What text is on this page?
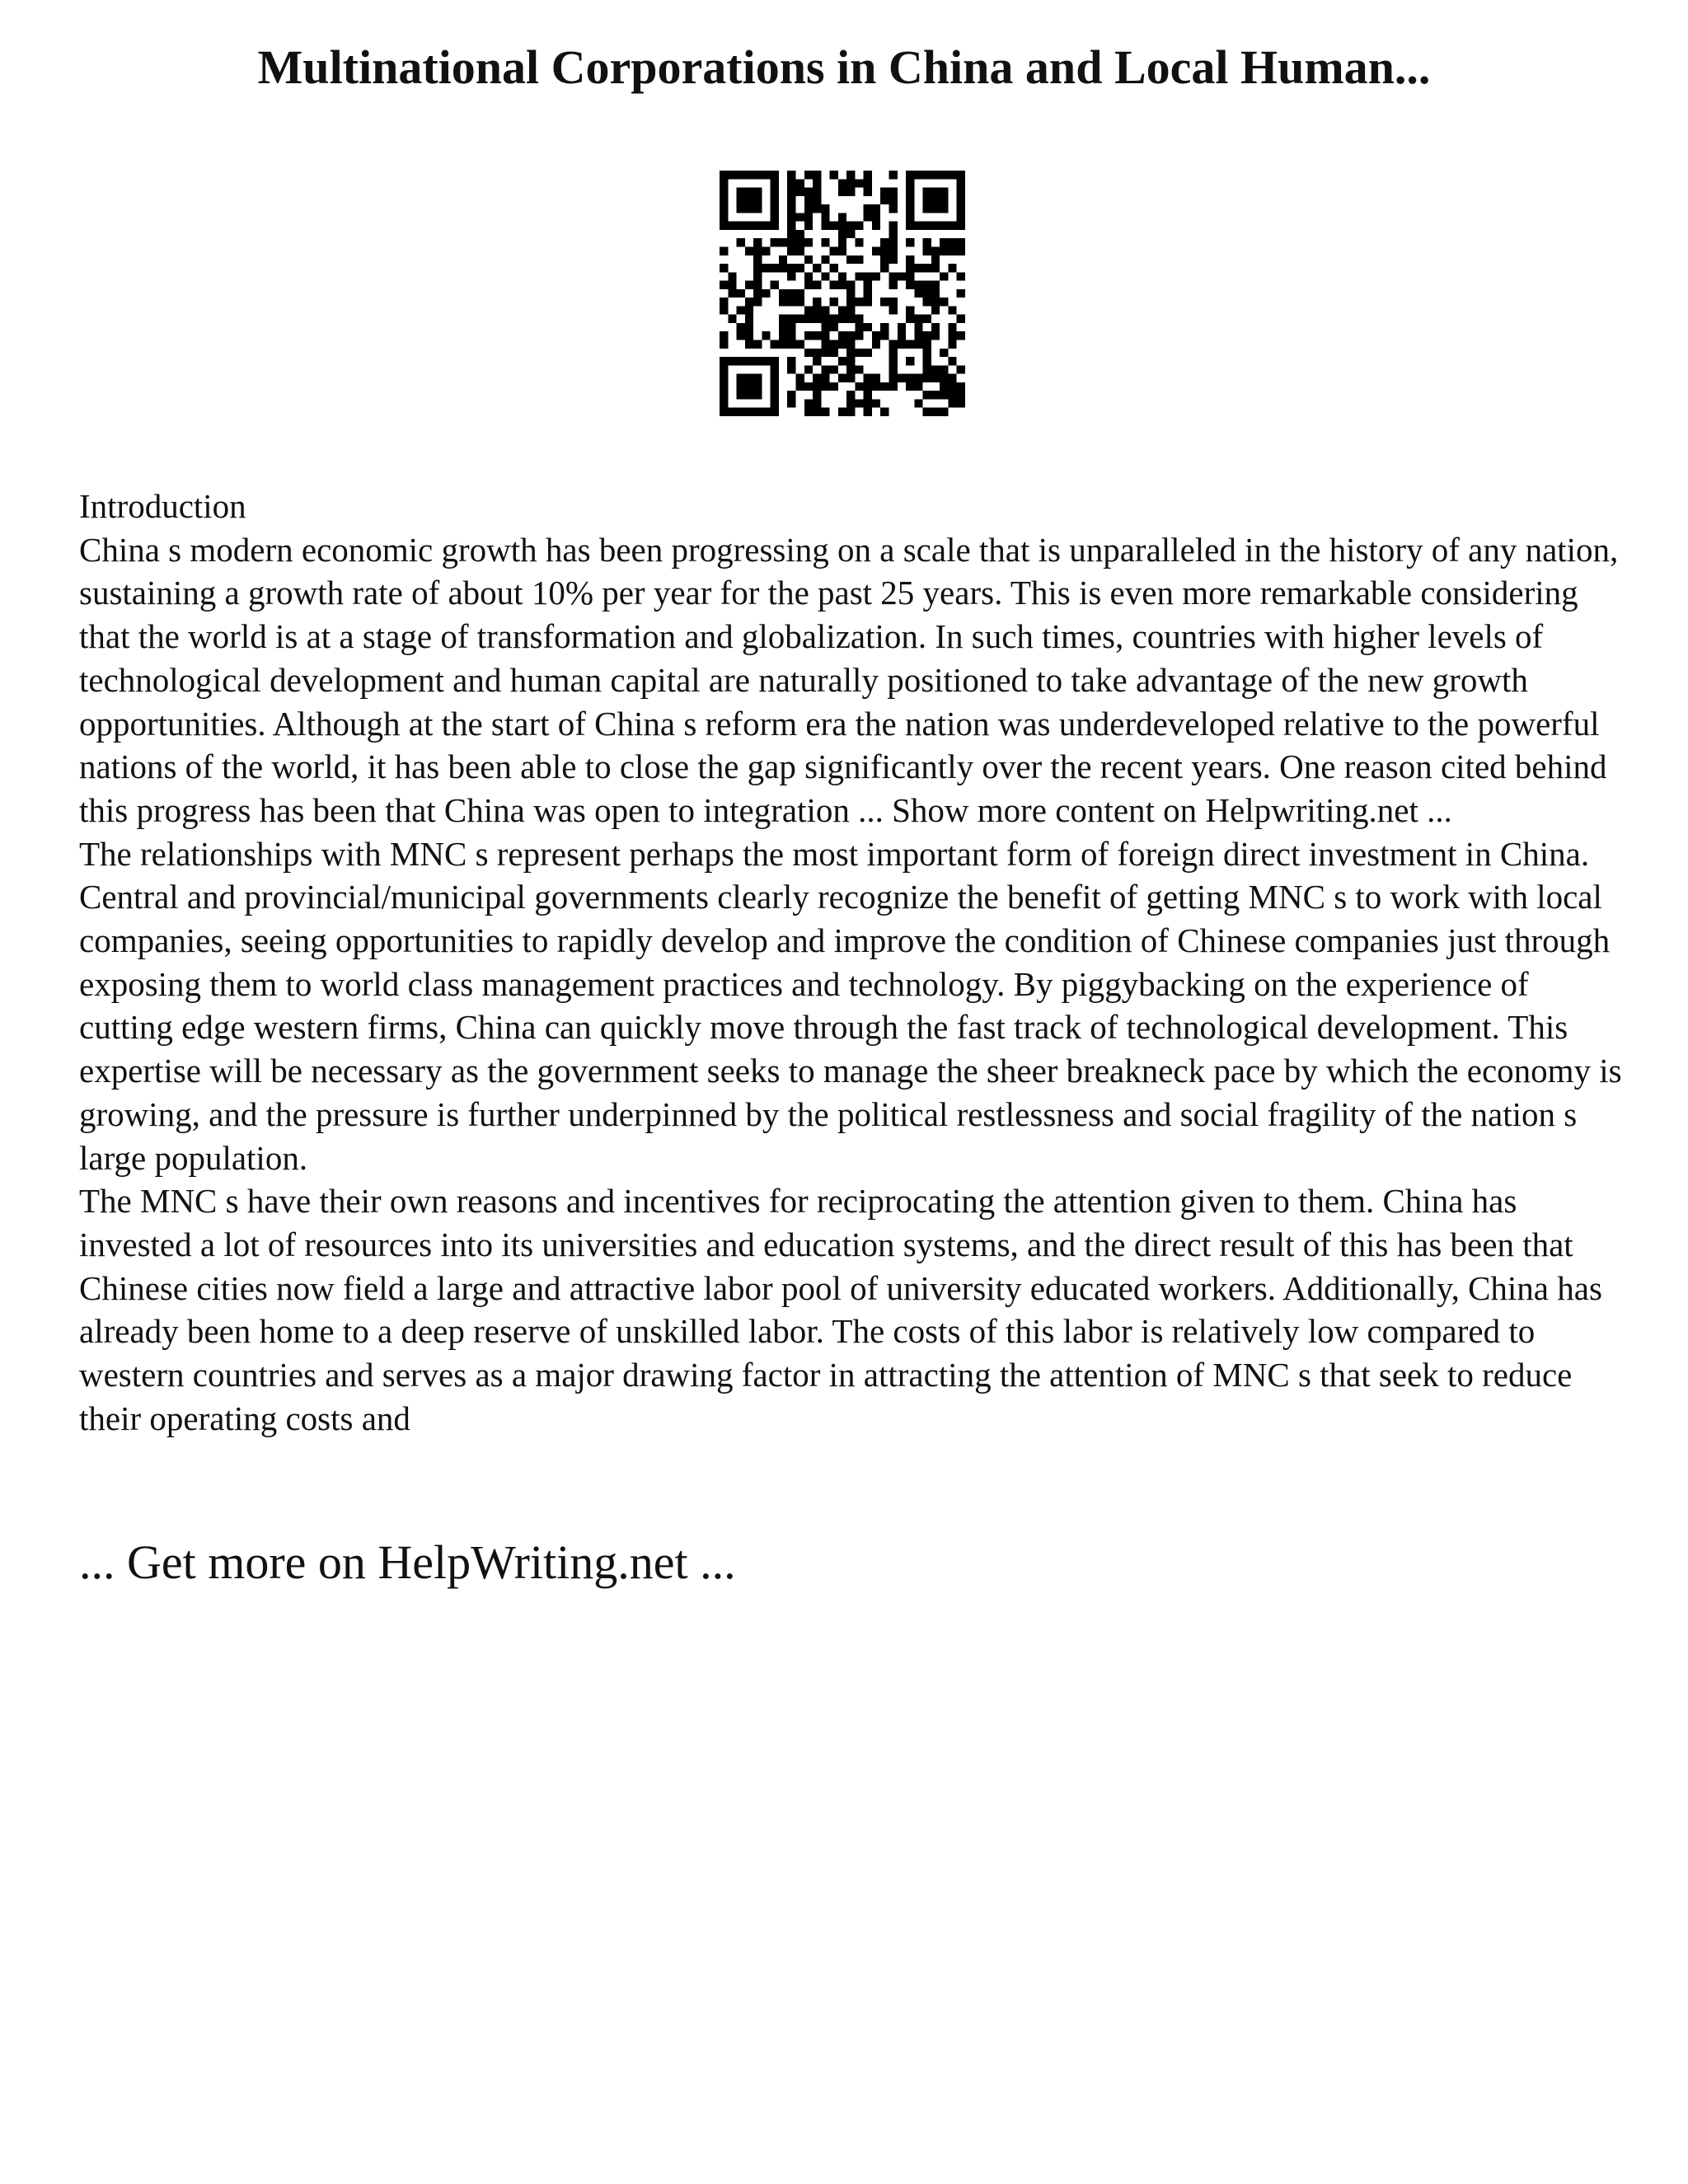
Multinational Corporations in China and Local Human...

Introduction

China s modern economic growth has been progressing on a scale that is unparalleled in the history of any nation, sustaining a growth rate of about 10% per year for the past 25 years. This is even more remarkable considering that the world is at a stage of transformation and globalization. In such times, countries with higher levels of technological development and human capital are naturally positioned to take advantage of the new growth opportunities. Although at the start of China s reform era the nation was underdeveloped relative to the powerful nations of the world, it has been able to close the gap significantly over the recent years. One reason cited behind this progress has been that China was open to integration ... Show more content on Helpwriting.net ...

The relationships with MNC s represent perhaps the most important form of foreign direct investment in China. Central and provincial/municipal governments clearly recognize the benefit of getting MNC s to work with local companies, seeing opportunities to rapidly develop and improve the condition of Chinese companies just through exposing them to world class management practices and technology. By piggybacking on the experience of cutting edge western firms, China can quickly move through the fast track of technological development. This expertise will be necessary as the government seeks to manage the sheer breakneck pace by which the economy is growing, and the pressure is further underpinned by the political restlessness and social fragility of the nation s large population.

The MNC s have their own reasons and incentives for reciprocating the attention given to them. China has invested a lot of resources into its universities and education systems, and the direct result of this has been that Chinese cities now field a large and attractive labor pool of university educated workers. Additionally, China has already been home to a deep reserve of unskilled labor. The costs of this labor is relatively low compared to western countries and serves as a major drawing factor in attracting the attention of MNC s that seek to reduce their operating costs and

... Get more on HelpWriting.net ...
